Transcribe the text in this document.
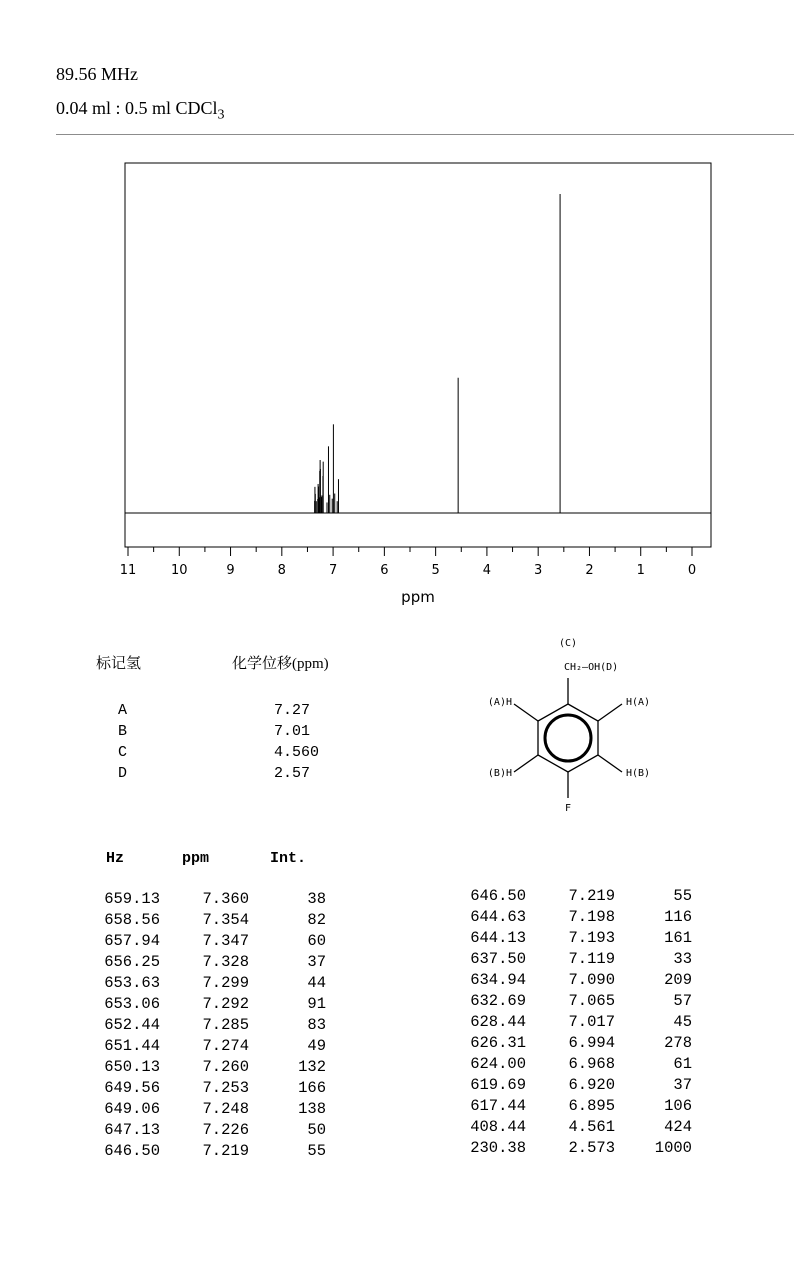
89.56 MHz
0.04 ml : 0.5 ml CDCl$_3$
11	10	9	8	7	6	5	4	3	2	1	0
ppm
标记氢	化学位移(ppm)
A	7.27
B	7.01
C	4.560
D	2.57
(C)
CH₂—OH(D)
(A)H	H(A)
(B)H	H(B)
F
Hz	ppm	Int.
659.13	7.360	38
658.56	7.354	82
657.94	7.347	60
656.25	7.328	37
653.63	7.299	44
653.06	7.292	91
652.44	7.285	83
651.44	7.274	49
650.13	7.260	132
649.56	7.253	166
649.06	7.248	138
647.13	7.226	50
646.50	7.219	55
646.50	7.219	55
644.63	7.198	116
644.13	7.193	161
637.50	7.119	33
634.94	7.090	209
632.69	7.065	57
628.44	7.017	45
626.31	6.994	278
624.00	6.968	61
619.69	6.920	37
617.44	6.895	106
408.44	4.561	424
230.38	2.573	1000
